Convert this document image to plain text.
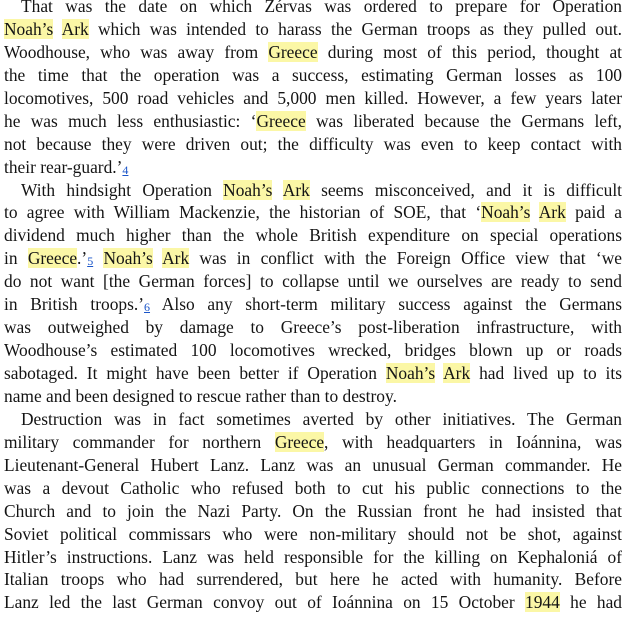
That was the date on which Zérvas was ordered to prepare for Operation
Noah’s Ark which was intended to harass the German troops as they pulled out.
Woodhouse, who was away from Greece during most of this period, thought at
the time that the operation was a success, estimating German losses as 100
locomotives, 500 road vehicles and 5,000 men killed. However, a few years later
he was much less enthusiastic: ‘Greece was liberated because the Germans left,
not because they were driven out; the difficulty was even to keep contact with
their rear-guard.’4
With hindsight Operation Noah’s Ark seems misconceived, and it is difficult
to agree with William Mackenzie, the historian of SOE, that ‘Noah’s Ark paid a
dividend much higher than the whole British expenditure on special operations
in Greece.’5 Noah’s Ark was in conflict with the Foreign Office view that ‘we
do not want [the German forces] to collapse until we ourselves are ready to send
in British troops.’6 Also any short-term military success against the Germans
was outweighed by damage to Greece’s post-liberation infrastructure, with
Woodhouse’s estimated 100 locomotives wrecked, bridges blown up or roads
sabotaged. It might have been better if Operation Noah’s Ark had lived up to its
name and been designed to rescue rather than to destroy.
Destruction was in fact sometimes averted by other initiatives. The German
military commander for northern Greece, with headquarters in Ioánnina, was
Lieutenant-General Hubert Lanz. Lanz was an unusual German commander. He
was a devout Catholic who refused both to cut his public connections to the
Church and to join the Nazi Party. On the Russian front he had insisted that
Soviet political commissars who were non-military should not be shot, against
Hitler’s instructions. Lanz was held responsible for the killing on Kephaloniá of
Italian troops who had surrendered, but here he acted with humanity. Before
Lanz led the last German convoy out of Ioánnina on 15 October 1944 he had
